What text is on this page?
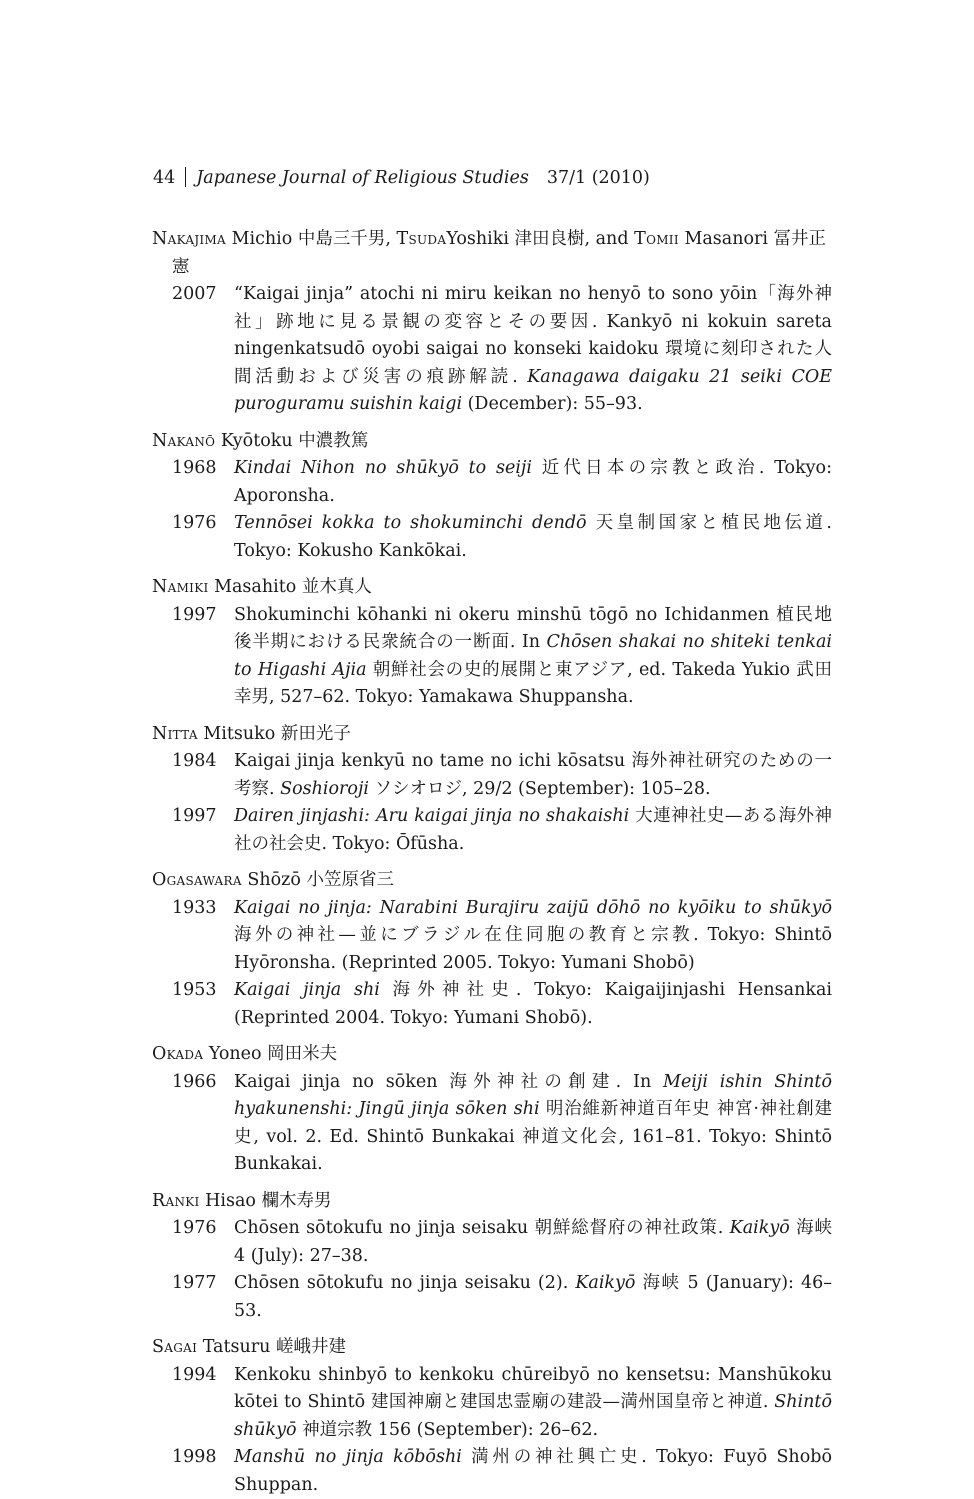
44 Japanese Journal of Religious Studies 37/1 (2010)
Nakajima Michio 中島三千男, TsudaYoshiki 津田良樹, and Tomii Masanori 冨井正憲
2007 “Kaigai jinja” atochi ni miru keikan no henyō to sono yōin「海外神社」跡地に見る景観の変容とその要因. Kankyō ni kokuin sareta ningenkatsudō oyobi saigai no konseki kaidoku 環境に刻印された人間活動および災害の痕跡解読. Kanagawa daigaku 21 seiki COE puroguramu suishin kaigi (December): 55–93.
Nakanō Kyōtoku 中濃教篤
1968 Kindai Nihon no shūkyō to seiji 近代日本の宗教と政治. Tokyo: Aporonsha.
1976 Tennōsei kokka to shokuminchi dendō 天皇制国家と植民地伝道. Tokyo: Kokusho Kankōkai.
Namiki Masahito 並木真人
1997 Shokuminchi kōhanki ni okeru minshū tōgō no Ichidanmen 植民地後半期における民衆統合の一断面. In Chōsen shakai no shiteki tenkai to Higashi Ajia 朝鮮社会の史的展開と東アジア, ed. Takeda Yukio 武田幸男, 527–62. Tokyo: Yamakawa Shuppansha.
Nitta Mitsuko 新田光子
1984 Kaigai jinja kenkyū no tame no ichi kōsatsu 海外神社研究のための一考察. Soshioroji ソシオロジ, 29/2 (September): 105–28.
1997 Dairen jinjashi: Aru kaigai jinja no shakaishi 大連神社史—ある海外神社の社会史. Tokyo: Ōfūsha.
Ogasawara Shōzō 小笠原省三
1933 Kaigai no jinja: Narabini Burajiru zaijū dōhō no kyōiku to shūkyō 海外の神社—並にブラジル在住同胞の教育と宗教. Tokyo: Shintō Hyōronsha. (Reprinted 2005. Tokyo: Yumani Shobō)
1953 Kaigai jinja shi 海外神社史. Tokyo: Kaigaijinjashi Hensankai (Reprinted 2004. Tokyo: Yumani Shobō).
Okada Yoneo 岡田米夫
1966 Kaigai jinja no sōken 海外神社の創建. In Meiji ishin Shintō hyakunenshi: Jingū jinja sōken shi 明治維新神道百年史 神宮·神社創建史, vol. 2. Ed. Shintō Bunkakai 神道文化会, 161–81. Tokyo: Shintō Bunkakai.
Ranki Hisao 欄木寿男
1976 Chōsen sōtokufu no jinja seisaku 朝鮮総督府の神社政策. Kaikyō 海峡 4 (July): 27–38.
1977 Chōsen sōtokufu no jinja seisaku (2). Kaikyō 海峡 5 (January): 46–53.
Sagai Tatsuru 嵯峨井建
1994 Kenkoku shinbyō to kenkoku chūreibyō no kensetsu: Manshūkoku kōtei to Shintō 建国神廟と建国忠霊廟の建設—満州国皇帝と神道. Shintō shūkyō 神道宗教 156 (September): 26–62.
1998 Manshū no jinja kōbōshi 満州の神社興亡史. Tokyo: Fuyō Shobō Shuppan.
